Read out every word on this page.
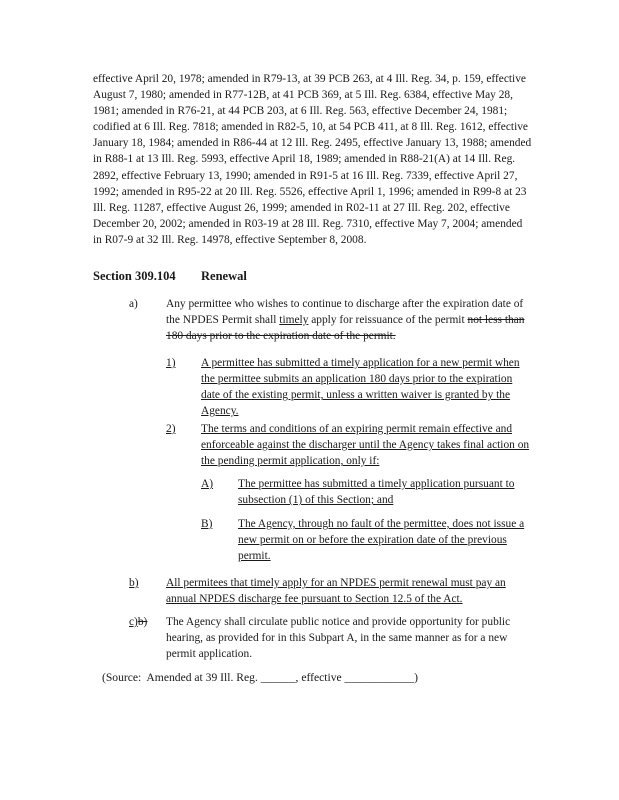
effective April 20, 1978; amended in R79-13, at 39 PCB 263, at 4 Ill. Reg. 34, p. 159, effective August 7, 1980; amended in R77-12B, at 41 PCB 369, at 5 Ill. Reg. 6384, effective May 28, 1981; amended in R76-21, at 44 PCB 203, at 6 Ill. Reg. 563, effective December 24, 1981; codified at 6 Ill. Reg. 7818; amended in R82-5, 10, at 54 PCB 411, at 8 Ill. Reg. 1612, effective January 18, 1984; amended in R86-44 at 12 Ill. Reg. 2495, effective January 13, 1988; amended in R88-1 at 13 Ill. Reg. 5993, effective April 18, 1989; amended in R88-21(A) at 14 Ill. Reg. 2892, effective February 13, 1990; amended in R91-5 at 16 Ill. Reg. 7339, effective April 27, 1992; amended in R95-22 at 20 Ill. Reg. 5526, effective April 1, 1996; amended in R99-8 at 23 Ill. Reg. 11287, effective August 26, 1999; amended in R02-11 at 27 Ill. Reg. 202, effective December 20, 2002; amended in R03-19 at 28 Ill. Reg. 7310, effective May 7, 2004; amended in R07-9 at 32 Ill. Reg. 14978, effective September 8, 2008.

Section 309.104 Renewal
a) Any permittee who wishes to continue to discharge after the expiration date of the NPDES Permit shall timely apply for reissuance of the permit not less than 180 days prior to the expiration date of the permit.

1) A permittee has submitted a timely application for a new permit when the permittee submits an application 180 days prior to the expiration date of the existing permit, unless a written waiver is granted by the Agency.

2) The terms and conditions of an expiring permit remain effective and enforceable against the discharger until the Agency takes final action on the pending permit application, only if:

A) The permittee has submitted a timely application pursuant to subsection (1) of this Section; and

B) The Agency, through no fault of the permittee, does not issue a new permit on or before the expiration date of the previous permit.

b) All permitees that timely apply for an NPDES permit renewal must pay an annual NPDES discharge fee pursuant to Section 12.5 of the Act.

c)b) The Agency shall circulate public notice and provide opportunity for public hearing, as provided for in this Subpart A, in the same manner as for a new permit application.

(Source:  Amended at 39 Ill. Reg. ______, effective ____________)
